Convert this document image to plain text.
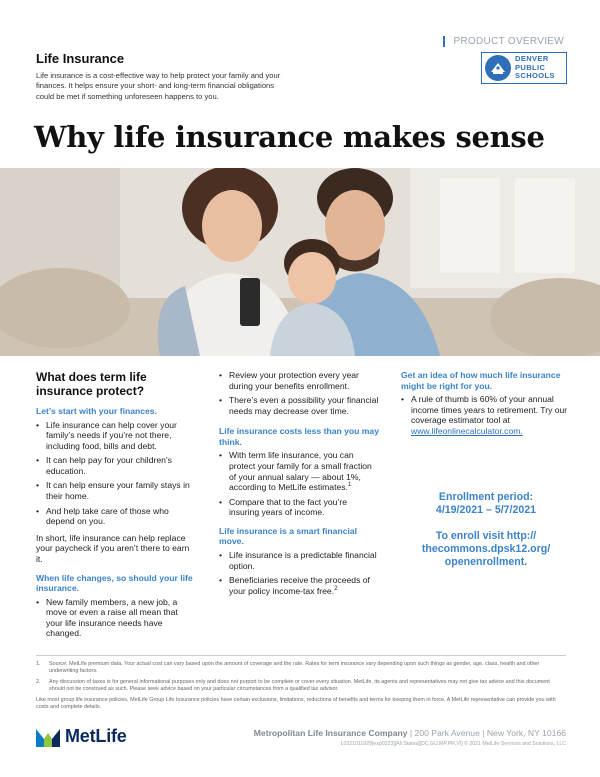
PRODUCT OVERVIEW
DENVER
PUBLIC
SCHOOLS
Life Insurance
Life insurance is a cost-effective way to help protect your family and your finances. It helps ensure your short- and long-term financial obligations could be met if something unforeseen happens to you.
Why life insurance makes sense
What does term life insurance protect?
Let’s start with your finances.
• Life insurance can help cover your family’s needs if you’re not there, including food, bills and debt.
• It can help pay for your children’s education.
• It can help ensure your family stays in their home.
• And help take care of those who depend on you.
In short, life insurance can help replace your paycheck if you aren’t there to earn it.
When life changes, so should your life insurance.
• New family members, a new job, a move or even a raise all mean that your life insurance needs have changed.
• Review your protection every year during your benefits enrollment.
• There’s even a possibility your financial needs may decrease over time.
Life insurance costs less than you may think.
• With term life insurance, you can protect your family for a small fraction of your annual salary — about 1%, according to MetLife estimates.$^1$
• Compare that to the fact you’re insuring years of income.
Life insurance is a smart financial move.
• Life insurance is a predictable financial option.
• Beneficiaries receive the proceeds of your policy income-tax free.$^2$
Get an idea of how much life insurance might be right for you.
• A rule of thumb is 60% of your annual income times years to retirement. Try our coverage estimator tool at www.lifeonlinecalculator.com.
Enrollment period:
4/19/2021 – 5/7/2021
To enroll visit http://
thecommons.dpsk12.org/
openenrollment.
1.	Source: MetLife premium data. Your actual cost can vary based upon the amount of coverage and the rate. Rates for term insurance vary depending upon such things as gender, age, class, health and other underwriting factors.
2.	Any discussion of taxes is for general informational purposes only and does not purport to be complete or cover every situation. MetLife, its agents and representatives may not give tax advice and this document should not be construed as such. Please seek advice based on your particular circumstances from a qualified tax advisor.
Like most group life insurance policies, MetLife Group Life Insurance policies have certain exclusions, limitations, reductions of benefits and terms for keeping them in force. A MetLife representative can provide you with costs and complete details.
MetLife	Metropolitan Life Insurance Company | 200 Park Avenue | New York, NY 10166
L0321011929[exp0323][All States][DC,GU,MP,PR,VI] © 2021 MetLife Services and Solutions, LLC
